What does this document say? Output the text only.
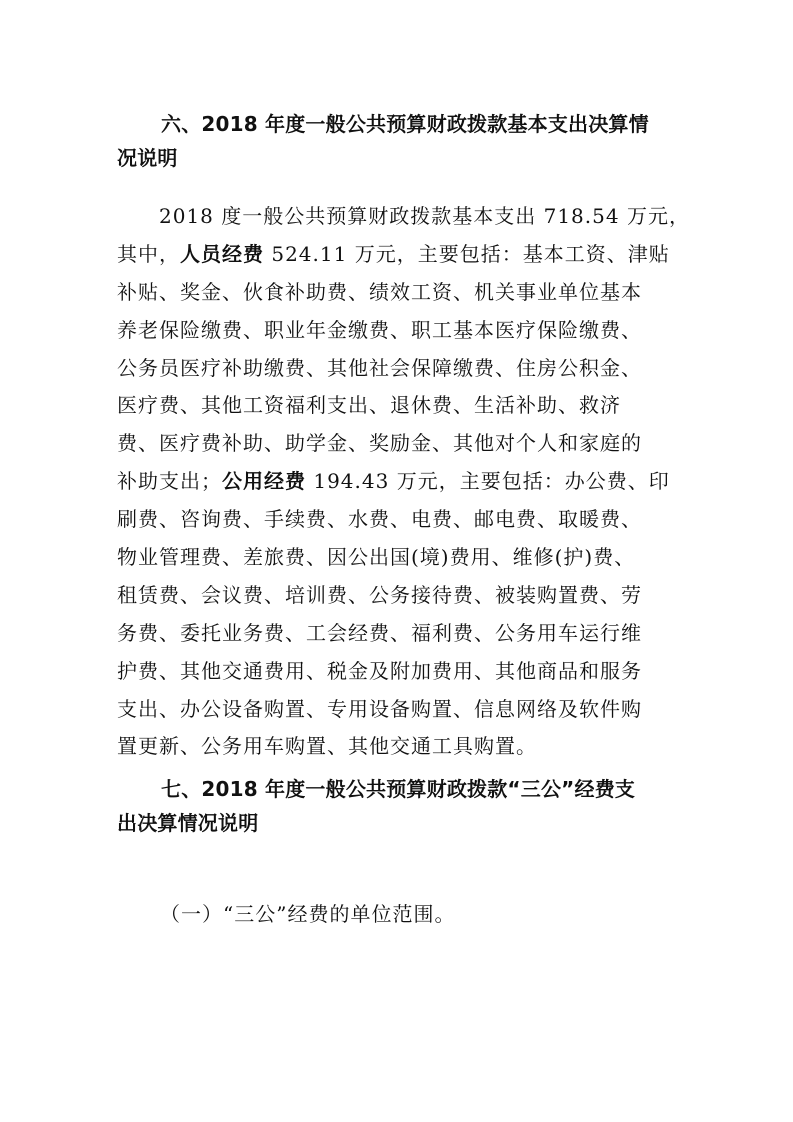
六、2018 年度一般公共预算财政拨款基本支出决算情
况说明
2018 度一般公共预算财政拨款基本支出 718.54 万元，
其中，人员经费 524.11 万元，主要包括：基本工资、津贴
补贴、奖金、伙食补助费、绩效工资、机关事业单位基本
养老保险缴费、职业年金缴费、职工基本医疗保险缴费、
公务员医疗补助缴费、其他社会保障缴费、住房公积金、
医疗费、其他工资福利支出、退休费、生活补助、救济
费、医疗费补助、助学金、奖励金、其他对个人和家庭的
补助支出；公用经费 194.43 万元，主要包括：办公费、印
刷费、咨询费、手续费、水费、电费、邮电费、取暖费、
物业管理费、差旅费、因公出国(境)费用、维修(护)费、
租赁费、会议费、培训费、公务接待费、被装购置费、劳
务费、委托业务费、工会经费、福利费、公务用车运行维
护费、其他交通费用、税金及附加费用、其他商品和服务
支出、办公设备购置、专用设备购置、信息网络及软件购
置更新、公务用车购置、其他交通工具购置。
七、2018 年度一般公共预算财政拨款“三公”经费支
出决算情况说明
（一）“三公”经费的单位范围。
